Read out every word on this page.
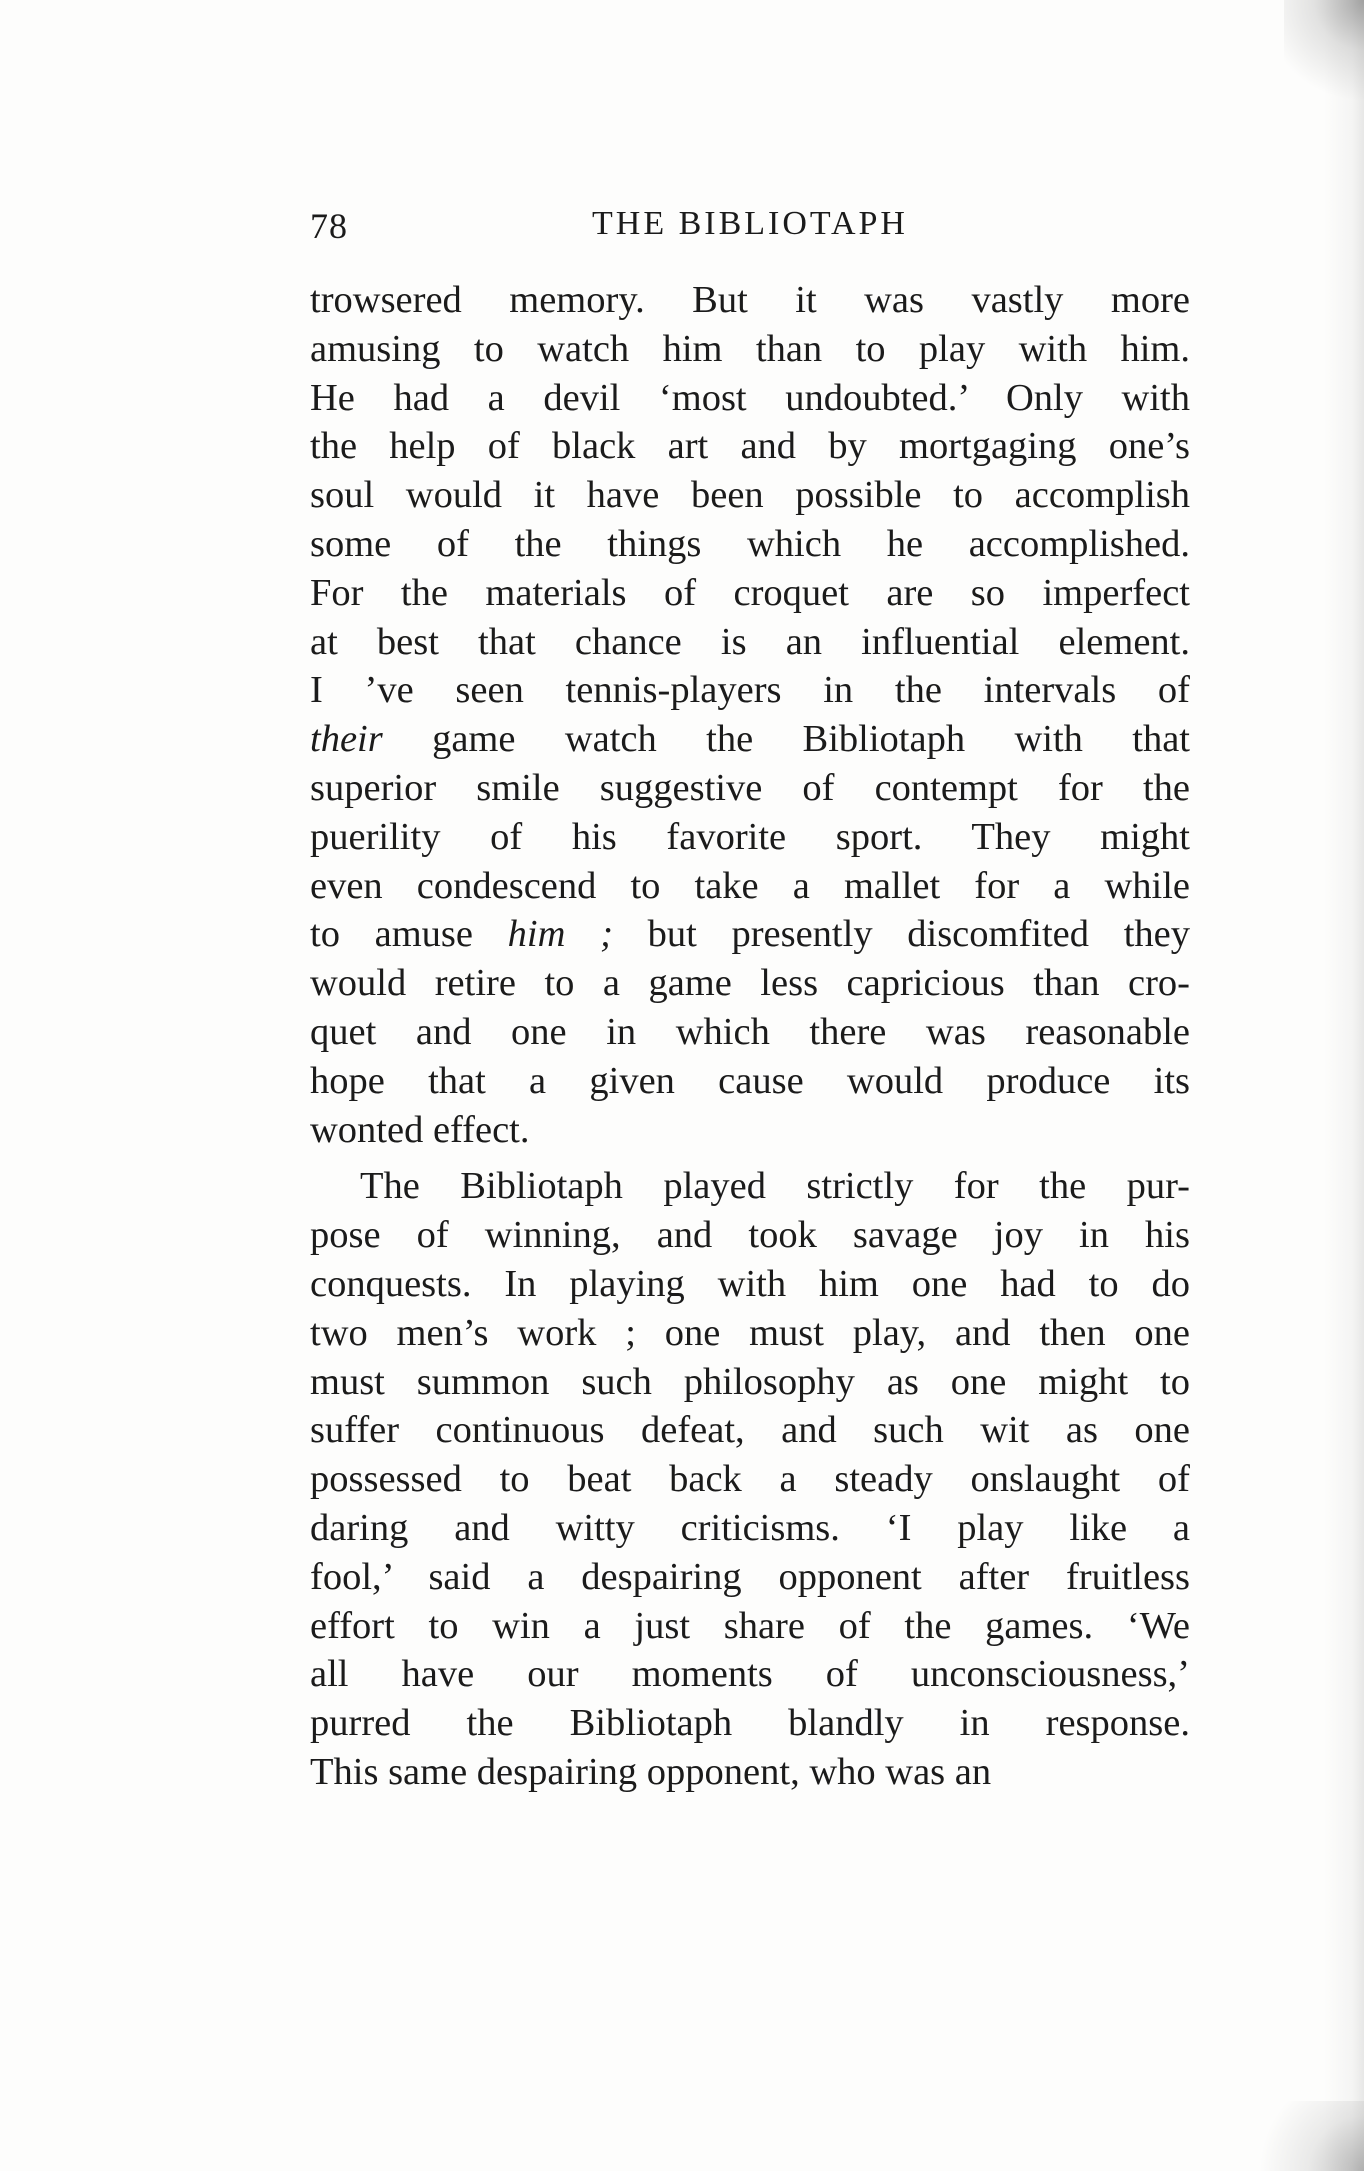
78	THE BIBLIOTAPH
trowsered memory. But it was vastly more
amusing to watch him than to play with him.
He had a devil ‘most undoubted.’ Only with
the help of black art and by mortgaging one’s
soul would it have been possible to accomplish
some of the things which he accomplished.
For the materials of croquet are so imperfect
at best that chance is an influential element.
I ’ve seen tennis-players in the intervals of
their game watch the Bibliotaph with that
superior smile suggestive of contempt for the
puerility of his favorite sport. They might
even condescend to take a mallet for a while
to amuse him ; but presently discomfited they
would retire to a game less capricious than cro-
quet and one in which there was reasonable
hope that a given cause would produce its
wonted effect.
The Bibliotaph played strictly for the pur-
pose of winning, and took savage joy in his
conquests. In playing with him one had to do
two men’s work ; one must play, and then one
must summon such philosophy as one might to
suffer continuous defeat, and such wit as one
possessed to beat back a steady onslaught of
daring and witty criticisms. ‘I play like a
fool,’ said a despairing opponent after fruitless
effort to win a just share of the games. ‘We
all have our moments of unconsciousness,’
purred the Bibliotaph blandly in response.
This same despairing opponent, who was an
